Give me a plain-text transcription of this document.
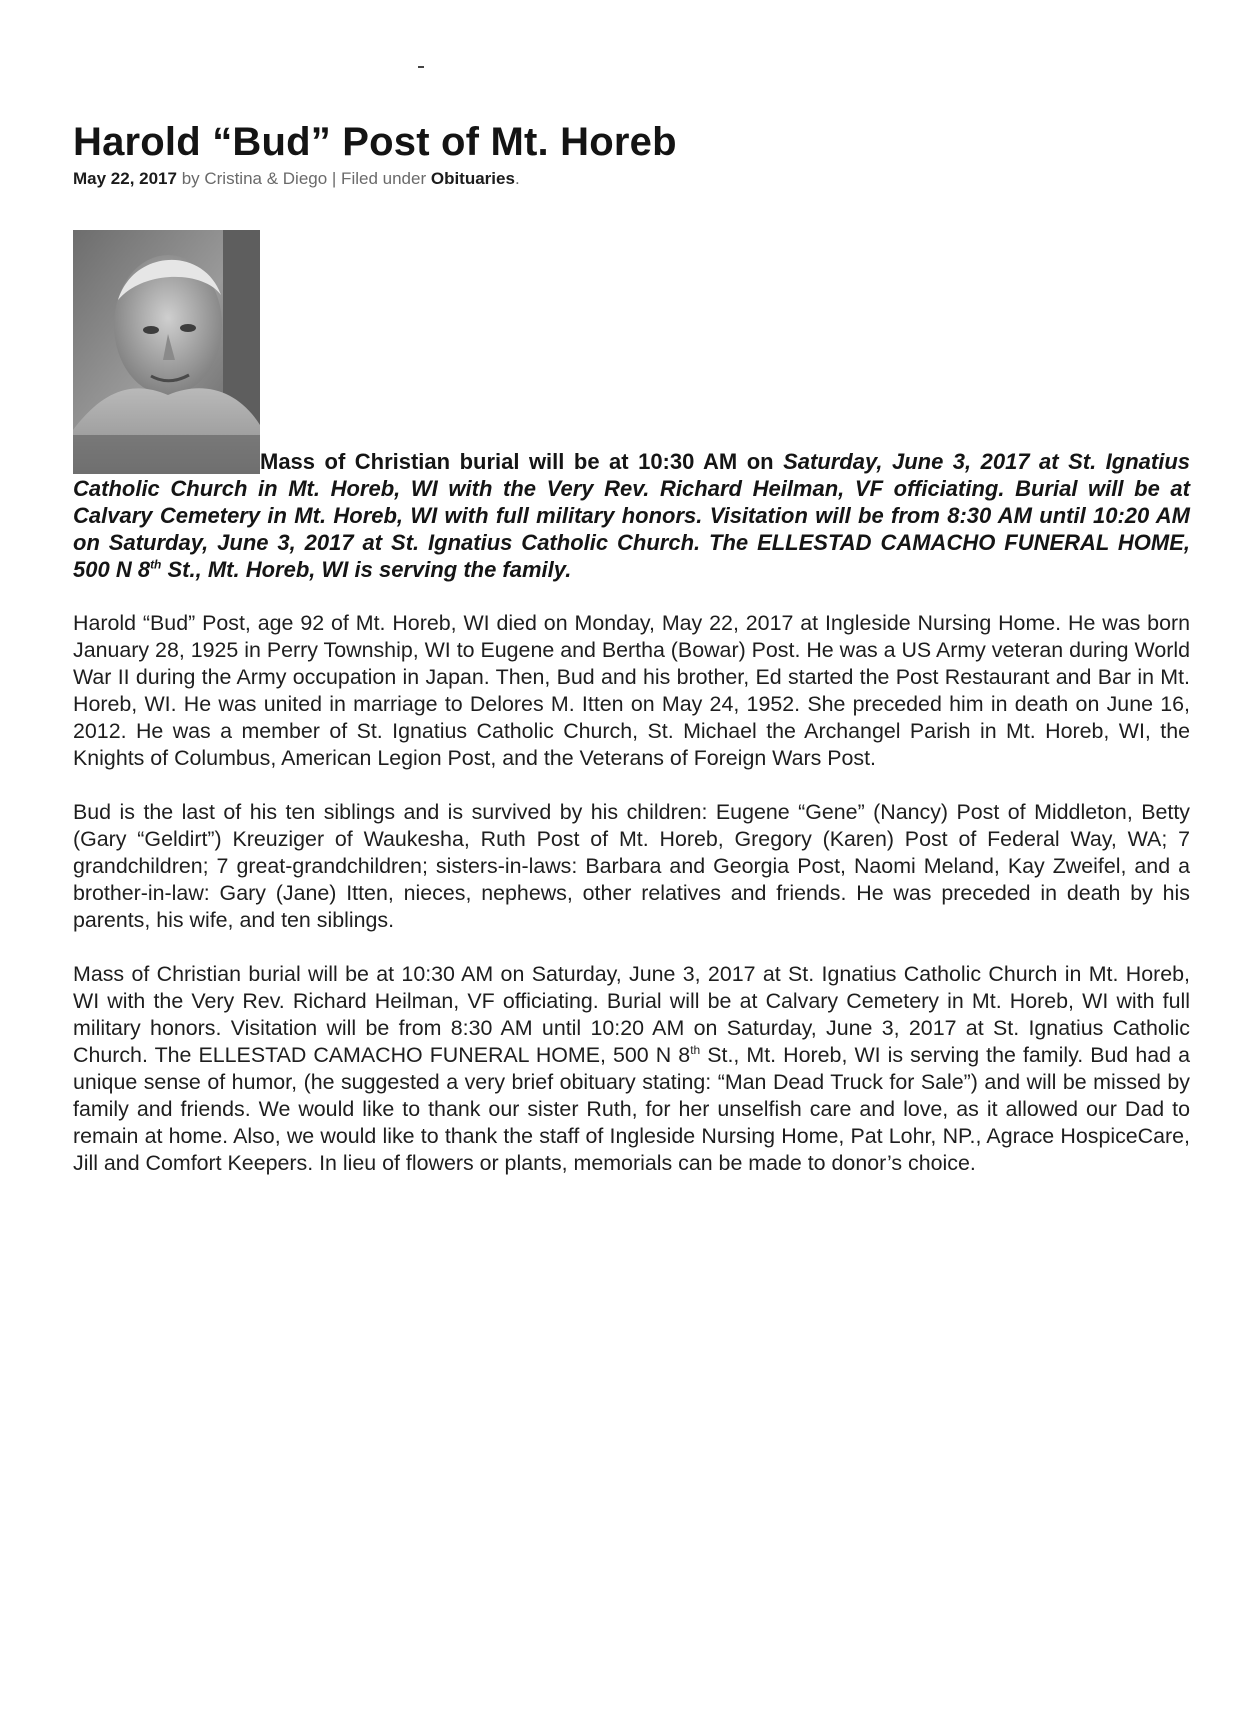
Harold “Bud” Post of Mt. Horeb

May 22, 2017 by Cristina & Diego | Filed under Obituaries.

Mass of Christian burial will be at 10:30 AM on Saturday, June 3, 2017 at St. Ignatius Catholic Church in Mt. Horeb, WI with the Very Rev. Richard Heilman, VF officiating. Burial will be at Calvary Cemetery in Mt. Horeb, WI with full military honors. Visitation will be from 8:30 AM until 10:20 AM on Saturday, June 3, 2017 at St. Ignatius Catholic Church. The ELLESTAD CAMACHO FUNERAL HOME, 500 N 8th St., Mt. Horeb, WI is serving the family.

Harold “Bud” Post, age 92 of Mt. Horeb, WI died on Monday, May 22, 2017 at Ingleside Nursing Home. He was born January 28, 1925 in Perry Township, WI to Eugene and Bertha (Bowar) Post. He was a US Army veteran during World War II during the Army occupation in Japan. Then, Bud and his brother, Ed started the Post Restaurant and Bar in Mt. Horeb, WI. He was united in marriage to Delores M. Itten on May 24, 1952. She preceded him in death on June 16, 2012. He was a member of St. Ignatius Catholic Church, St. Michael the Archangel Parish in Mt. Horeb, WI, the Knights of Columbus, American Legion Post, and the Veterans of Foreign Wars Post.

Bud is the last of his ten siblings and is survived by his children: Eugene “Gene” (Nancy) Post of Middleton, Betty (Gary “Geldirt”) Kreuziger of Waukesha, Ruth Post of Mt. Horeb, Gregory (Karen) Post of Federal Way, WA; 7 grandchildren; 7 great-grandchildren; sisters-in-laws: Barbara and Georgia Post, Naomi Meland, Kay Zweifel, and a brother-in-law: Gary (Jane) Itten, nieces, nephews, other relatives and friends. He was preceded in death by his parents, his wife, and ten siblings.

Mass of Christian burial will be at 10:30 AM on Saturday, June 3, 2017 at St. Ignatius Catholic Church in Mt. Horeb, WI with the Very Rev. Richard Heilman, VF officiating. Burial will be at Calvary Cemetery in Mt. Horeb, WI with full military honors. Visitation will be from 8:30 AM until 10:20 AM on Saturday, June 3, 2017 at St. Ignatius Catholic Church. The ELLESTAD CAMACHO FUNERAL HOME, 500 N 8th St., Mt. Horeb, WI is serving the family. Bud had a unique sense of humor, (he suggested a very brief obituary stating: “Man Dead Truck for Sale”) and will be missed by family and friends. We would like to thank our sister Ruth, for her unselfish care and love, as it allowed our Dad to remain at home. Also, we would like to thank the staff of Ingleside Nursing Home, Pat Lohr, NP., Agrace HospiceCare, Jill and Comfort Keepers. In lieu of flowers or plants, memorials can be made to donor’s choice.
